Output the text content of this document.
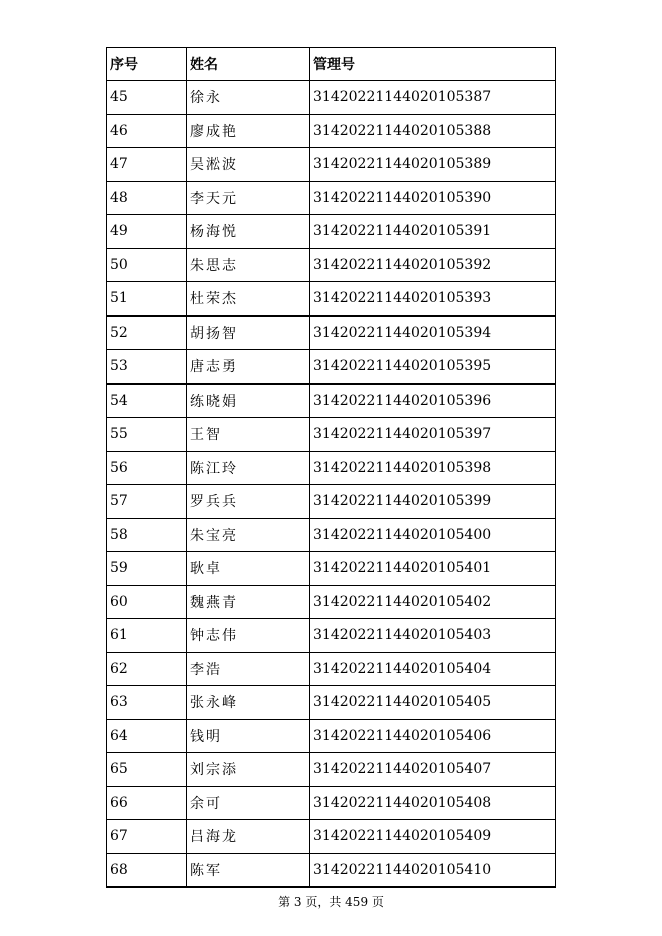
序号	姓名	管理号
45	徐永	31420221144020105387
46	廖成艳	31420221144020105388
47	吴淞波	31420221144020105389
48	李天元	31420221144020105390
49	杨海悦	31420221144020105391
50	朱思志	31420221144020105392
51	杜荣杰	31420221144020105393
52	胡扬智	31420221144020105394
53	唐志勇	31420221144020105395
54	练晓娟	31420221144020105396
55	王智	31420221144020105397
56	陈江玲	31420221144020105398
57	罗兵兵	31420221144020105399
58	朱宝亮	31420221144020105400
59	耿卓	31420221144020105401
60	魏燕青	31420221144020105402
61	钟志伟	31420221144020105403
62	李浩	31420221144020105404
63	张永峰	31420221144020105405
64	钱明	31420221144020105406
65	刘宗添	31420221144020105407
66	余可	31420221144020105408
67	吕海龙	31420221144020105409
68	陈军	31420221144020105410
第 3 页，共 459 页
